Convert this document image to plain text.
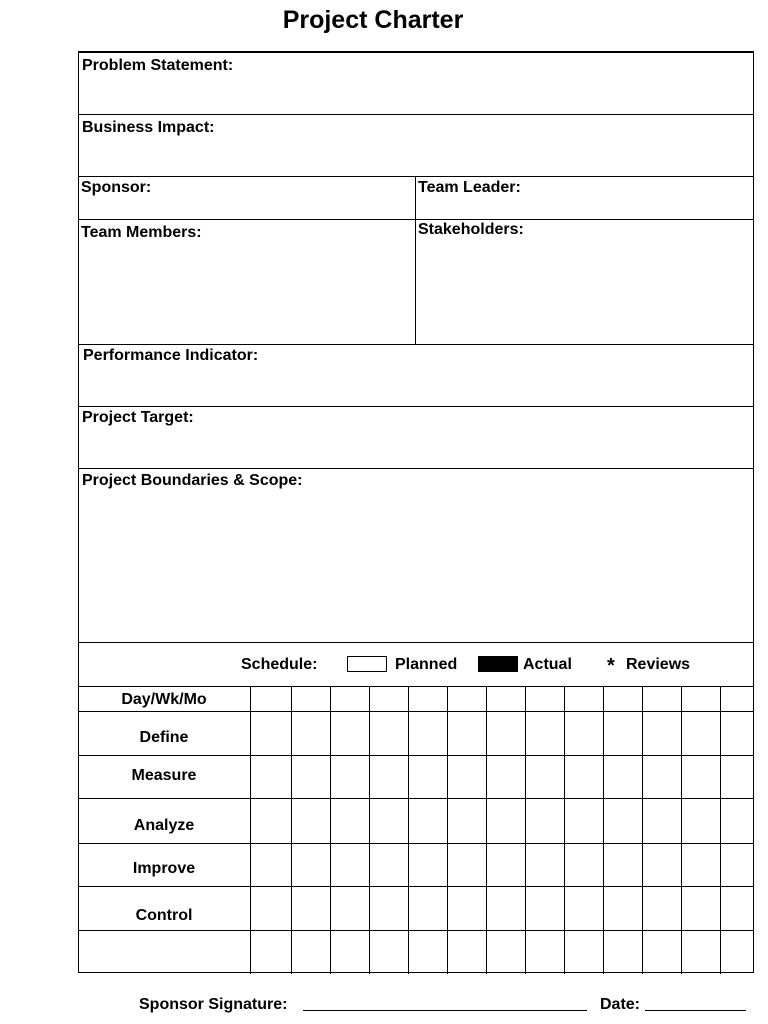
Project Charter
Problem Statement:
Business Impact:
Sponsor:	Team Leader:
Team Members:	Stakeholders:
Performance Indicator:
Project Target:
Project Boundaries & Scope:
Day/Wk/Mo
Define
Measure
Analyze
Improve
Control
Schedule:	Planned	Actual * Reviews
Sponsor Signature:	Date:
